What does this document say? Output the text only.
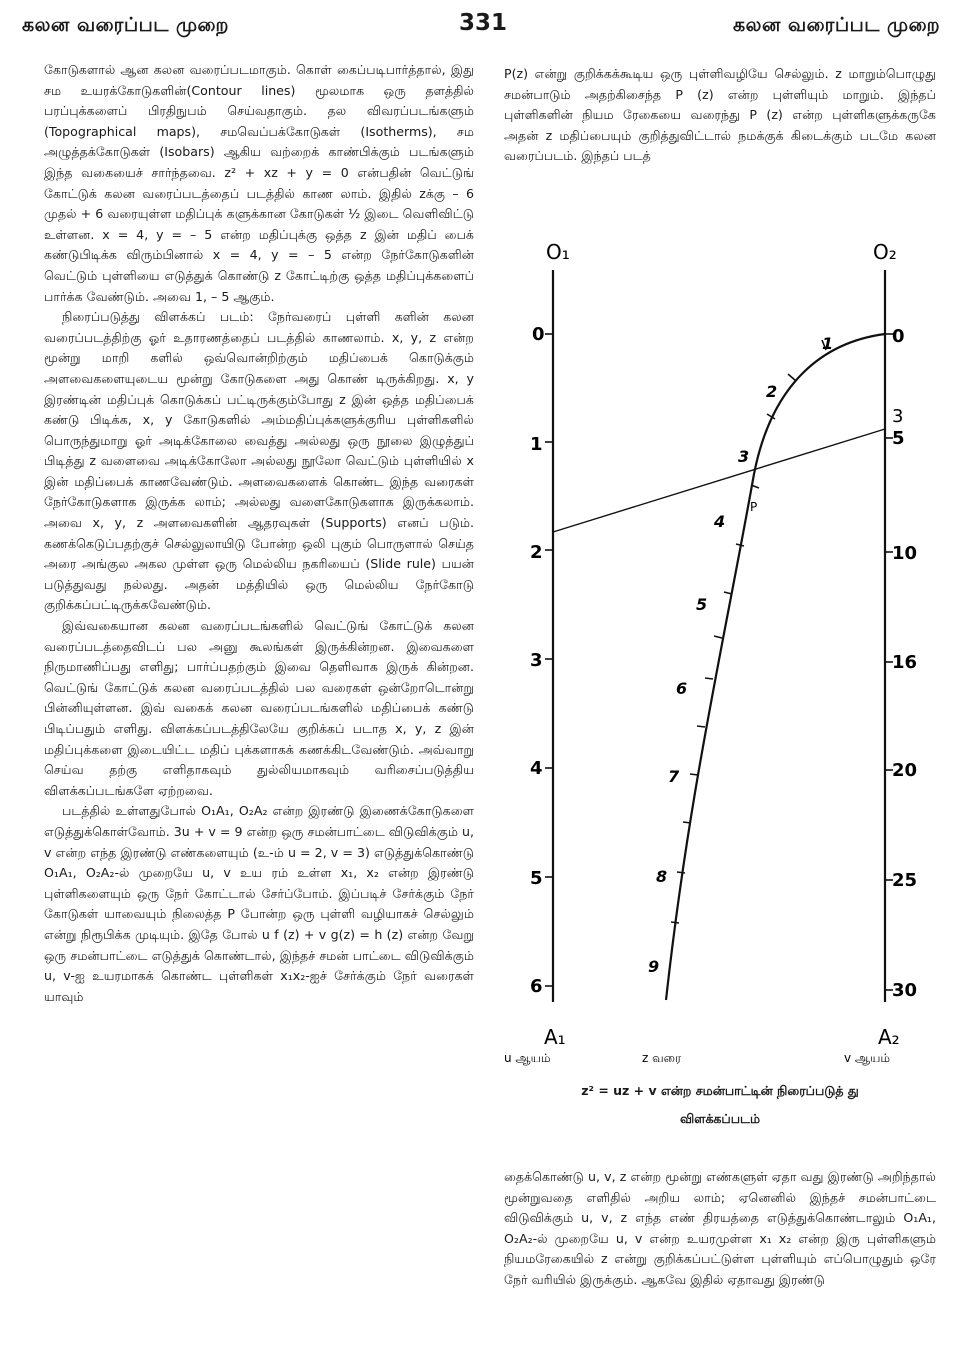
கலன வரைப்பட முறை	331	கலன வரைப்பட முறை

கோடுகளால் ஆன கலன வரைப்படமாகும். கொள் கைப்படிபார்த்தால், இது சம உயரக்கோடுகளின்(Contour lines) மூலமாக ஒரு தளத்தில் பரப்புக்களைப் பிரதிநுபம் செய்வதாகும். தல விவரப்படங்களும் (Topographical maps), சமவெப்பக்கோடுகள் (Isotherms), சம அழுத்தக்கோடுகள் (Isobars) ஆகிய வற்றைக் காண்பிக்கும் படங்களும் இந்த வகையைச் சார்ந்தவை. z² + xz + y = 0 என்பதின் வெட்டுங் கோட்டுக் கலன வரைப்படத்தைப் படத்தில் காண லாம். இதில் zக்கு – 6 முதல் + 6 வரையுள்ள மதிப்புக் களுக்கான கோடுகள் ½ இடை வெளிவிட்டு உள்ளன. x = 4, y = – 5 என்ற மதிப்புக்கு ஒத்த z இன் மதிப் பைக் கண்டுபிடிக்க விரும்பினால் x = 4, y = – 5 என்ற நேர்கோடுகளின் வெட்டும் புள்ளியை எடுத்துக் கொண்டு z கோட்டிற்கு ஒத்த மதிப்புக்களைப் பார்க்க வேண்டும். அவை 1, – 5 ஆகும்.

நிரைப்படுத்து விளக்கப் படம்: நேர்வரைப் புள்ளி களின் கலன வரைப்படத்திற்கு ஓர் உதாரணத்தைப் படத்தில் காணலாம். x, y, z என்ற மூன்று மாறி களில் ஒவ்வொன்றிற்கும் மதிப்பைக் கொடுக்கும் அளவைகளையுடைய மூன்று கோடுகளை அது கொண் டிருக்கிறது. x, y இரண்டின் மதிப்புக் கொடுக்கப் பட்டிருக்கும்போது z இன் ஒத்த மதிப்பைக் கண்டு பிடிக்க, x, y கோடுகளில் அம்மதிப்புக்களுக்குரிய புள்ளிகளில் பொருந்துமாறு ஓர் அடிக்கோலை வைத்து அல்லது ஒரு நூலை இழுத்துப் பிடித்து z வளைவை அடிக்கோலோ அல்லது நூலோ வெட்டும் புள்ளியில் x இன் மதிப்பைக் காணவேண்டும். அளவைகளைக் கொண்ட இந்த வரைகள் நேர்கோடுகளாக இருக்க லாம்; அல்லது வளைகோடுகளாக இருக்கலாம். அவை x, y, z அளவைகளின் ஆதரவுகள் (Supports) எனப் படும். கணக்கெடுப்பதற்குச் செல்லுலாயிடு போன்ற ஒலி புகும் பொருளால் செய்த அரை அங்குல அகல முள்ள ஒரு மெல்லிய நகரியைப் (Slide rule) பயன் படுத்துவது நல்லது. அதன் மத்தியில் ஒரு மெல்லிய நேர்கோடு குறிக்கப்பட்டிருக்கவேண்டும்.

இவ்வகையான கலன வரைப்படங்களில் வெட்டுங் கோட்டுக் கலன வரைப்படத்தைவிடப் பல அனு கூலங்கள் இருக்கின்றன. இவைகளை நிருமாணிப்பது எளிது; பார்ப்பதற்கும் இவை தெளிவாக இருக் கின்றன. வெட்டுங் கோட்டுக் கலன வரைப்படத்தில் பல வரைகள் ஒன்றோடொன்று பின்னியுள்ளன. இவ் வகைக் கலன வரைப்படங்களில் மதிப்பைக் கண்டு பிடிப்பதும் எளிது. விளக்கப்படத்திலேயே குறிக்கப் படாத x, y, z இன் மதிப்புக்களை இடையிட்ட மதிப் புக்களாகக் கணக்கிடவேண்டும். அவ்வாறு செய்வ தற்கு எளிதாகவும் துல்லியமாகவும் வரிசைப்படுத்திய விளக்கப்படங்களே ஏற்றவை.

படத்தில் உள்ளதுபோல் O₁A₁, O₂A₂ என்ற இரண்டு இணைக்கோடுகளை எடுத்துக்கொள்வோம். 3u + v = 9 என்ற ஒரு சமன்பாட்டை விடுவிக்கும் u, v என்ற எந்த இரண்டு எண்களையும் (உ-ம் u = 2, v = 3) எடுத்துக்கொண்டு O₁A₁, O₂A₂-ல் முறையே u, v உய ரம் உள்ள x₁, x₂ என்ற இரண்டு புள்ளிகளையும் ஒரு நேர் கோட்டால் சேர்ப்போம். இப்படிச் சேர்க்கும் நேர் கோடுகள் யாவையும் நிலைத்த P போன்ற ஒரு புள்ளி வழியாகச் செல்லும் என்று நிரூபிக்க முடியும். இதே போல் u f (z) + v g(z) = h (z) என்ற வேறு ஒரு சமன்பாட்டை எடுத்துக் கொண்டால், இந்தச் சமன் பாட்டை விடுவிக்கும் u, v-ஐ உயரமாகக் கொண்ட புள்ளிகள் x₁x₂-ஐச் சேர்க்கும் நேர் வரைகள் யாவும்

P(z) என்று குறிக்கக்கூடிய ஒரு புள்ளிவழியே செல்லும். z மாறும்பொழுது சமன்பாடும் அதற்கிசைந்த P (z) என்ற புள்ளியும் மாறும். இந்தப் புள்ளிகளின் நியம ரேகையை வரைந்து P (z) என்ற புள்ளிகளுக்கருகே அதன் z மதிப்பையும் குறித்துவிட்டால் நமக்குக் கிடைக்கும் படமே கலன வரைப்படம். இந்தப் படத்

O₁	O₂
A₁	A₂
0
1
2
3
4
5
6
0
5
10
16
20
25
30
3
1
2
3
4
5
6
7
8
9
P
u ஆயம்	z வரை	v ஆயம்
z² = uz + v என்ற சமன்பாட்டின் நிரைப்படுத் து
விளக்கப்படம்

தைக்கொண்டு u, v, z என்ற மூன்று எண்களுள் ஏதா வது இரண்டு அறிந்தால் மூன்றுவதை எளிதில் அறிய லாம்; ஏனெனில் இந்தச் சமன்பாட்டை விடுவிக்கும் u, v, z எந்த எண் திரயத்தை எடுத்துக்கொண்டாலும் O₁A₁, O₂A₂-ல் முறையே u, v என்ற உயரமுள்ள x₁ x₂ என்ற இரு புள்ளிகளும் நியமரேகையில் z என்று குறிக்கப்பட்டுள்ள புள்ளியும் எப்பொழுதும் ஒரே நேர் வரியில் இருக்கும். ஆகவே இதில் ஏதாவது இரண்டு
